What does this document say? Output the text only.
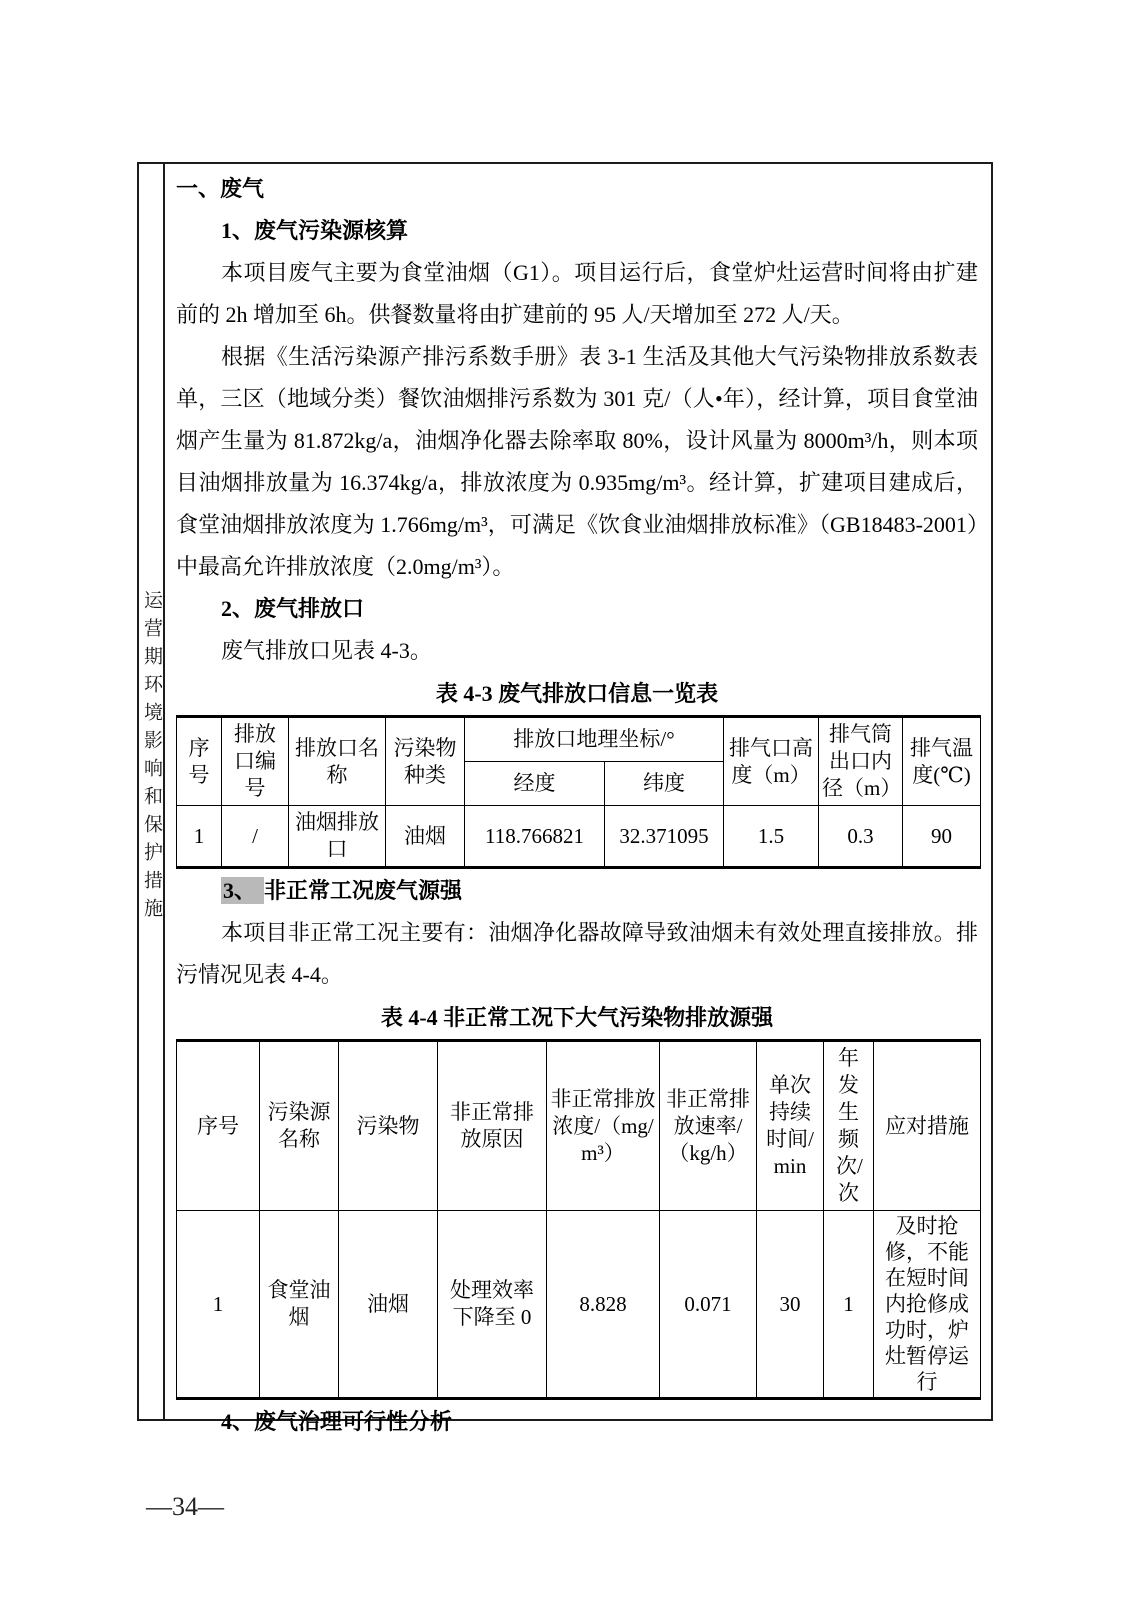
运营期环境影响和保护措施
一、废气
1、废气污染源核算

本项目废气主要为食堂油烟（G1）。项目运行后，食堂炉灶运营时间将由扩建前的 2h 增加至 6h。供餐数量将由扩建前的 95 人/天增加至 272 人/天。

根据《生活污染源产排污系数手册》表 3-1 生活及其他大气污染物排放系数表单，三区（地域分类）餐饮油烟排污系数为 301 克/（人•年），经计算，项目食堂油烟产生量为 81.872kg/a，油烟净化器去除率取 80%，设计风量为 8000m³/h，则本项目油烟排放量为 16.374kg/a，排放浓度为 0.935mg/m³。经计算，扩建项目建成后，食堂油烟排放浓度为 1.766mg/m³，可满足《饮食业油烟排放标准》（GB18483-2001）中最高允许排放浓度（2.0mg/m³）。

2、废气排放口

废气排放口见表 4-3。

表 4-3 废气排放口信息一览表
序号	排放口编号	排放口名称	污染物种类	排放口地理坐标/°		排气口高度（m）	排气筒出口内径（m）	排气温度(℃)
				经度	纬度			
1	/	油烟排放口	油烟	118.766821	32.371095	1.5	0.3	90
3、 非正常工况废气源强

本项目非正常工况主要有：油烟净化器故障导致油烟未有效处理直接排放。排污情况见表 4-4。

表 4-4 非正常工况下大气污染物排放源强
序号	污染源名称	污染物	非正常排放原因	非正常排放浓度/（mg/m³）	非正常排放速率/（kg/h）	单次持续时间/min	年发生频次/次	应对措施
1	食堂油烟	油烟	处理效率下降至 0	8.828	0.071	30	1	及时抢修，不能在短时间内抢修成功时，炉灶暂停运行
4、废气治理可行性分析
—34—
